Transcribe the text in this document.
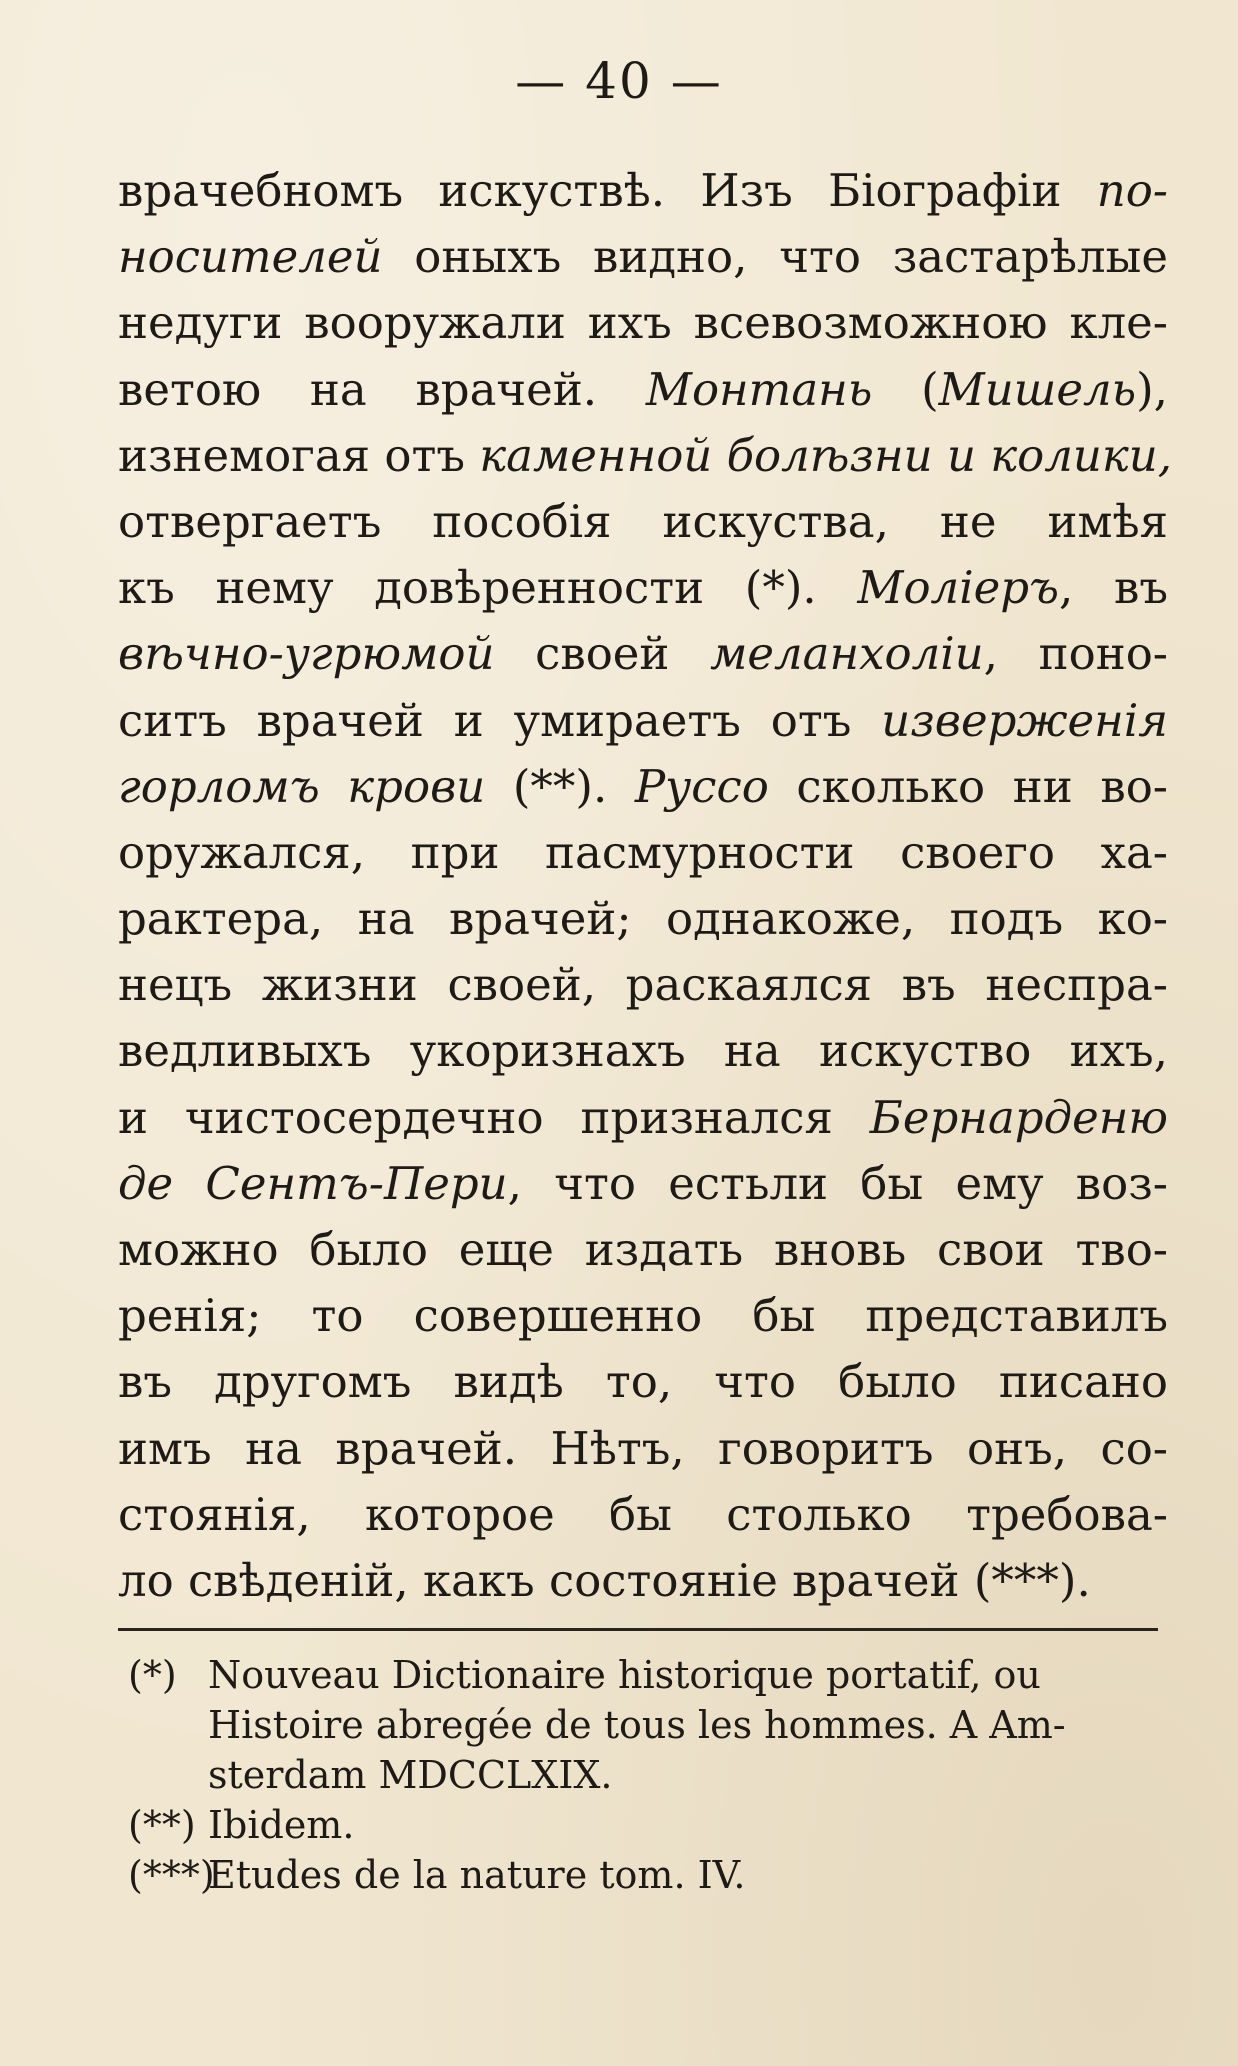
— 40 —
врачебномъ искуствѣ. Изъ Біографіи по-
носителей оныхъ видно, что застарѣлые
недуги вооружали ихъ всевозможною кле-
ветою на врачей. Монтань (Мишель),
изнемогая отъ каменной болѣзни и колики,
отвергаетъ пособія искуства, не имѣя
къ нему довѣренности (*). Моліеръ, въ
вѣчно-угрюмой своей меланхоліи, поно-
ситъ врачей и умираетъ отъ изверженія
горломъ крови (**). Руссо сколько ни во-
оружался, при пасмурности своего ха-
рактера, на врачей; однакоже, подъ ко-
нецъ жизни своей, раскаялся въ неспра-
ведливыхъ укоризнахъ на искуство ихъ,
и чистосердечно признался Бернарденю
де Сентъ-Пери, что естьли бы ему воз-
можно было еще издать вновь свои тво-
ренія; то совершенно бы представилъ
въ другомъ видѣ то, что было писано
имъ на врачей. Нѣтъ, говоритъ онъ, со-
стоянія, которое бы столько требова-
ло свѣденій, какъ состояніе врачей (***).
(*) Nouveau Dictionaire historique portatif, ou
Histoire abregée de tous les hommes. A Am-
sterdam MDCCLXIX.
(**) Ibidem.
(***)Etudes de la nature tom. IV.
